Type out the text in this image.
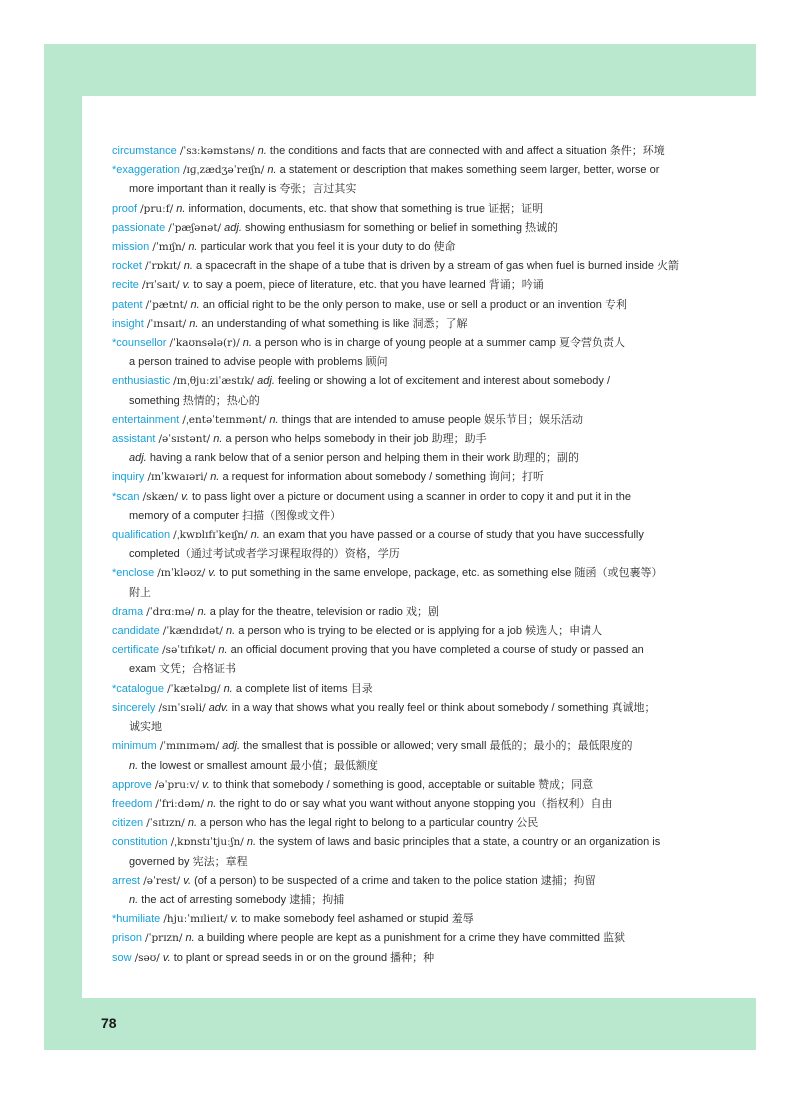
circumstance /ˈsɜːkəmstəns/ n. the conditions and facts that are connected with and affect a situation 条件；环境
*exaggeration /ɪɡˌzædʒəˈreɪʃn/ n. a statement or description that makes something seem larger, better, worse or
more important than it really is 夸张；言过其实
proof /pruːf/ n. information, documents, etc. that show that something is true 证据；证明
passionate /ˈpæʃənət/ adj. showing enthusiasm for something or belief in something 热诚的
mission /ˈmɪʃn/ n. particular work that you feel it is your duty to do 使命
rocket /ˈrɒkɪt/ n. a spacecraft in the shape of a tube that is driven by a stream of gas when fuel is burned inside 火箭
recite /rɪˈsaɪt/ v. to say a poem, piece of literature, etc. that you have learned 背诵；吟诵
patent /ˈpætnt/ n. an official right to be the only person to make, use or sell a product or an invention 专利
insight /ˈɪnsaɪt/ n. an understanding of what something is like 洞悉；了解
*counsellor /ˈkaʊnsələ(r)/ n. a person who is in charge of young people at a summer camp 夏令营负责人
a person trained to advise people with problems 顾问
enthusiastic /ɪnˌθjuːziˈæstɪk/ adj. feeling or showing a lot of excitement and interest about somebody /
something 热情的；热心的
entertainment /ˌentəˈteɪnmənt/ n. things that are intended to amuse people 娱乐节目；娱乐活动
assistant /əˈsɪstənt/ n. a person who helps somebody in their job 助理；助手
adj. having a rank below that of a senior person and helping them in their work 助理的；副的
inquiry /ɪnˈkwaɪəri/ n. a request for information about somebody / something 询问；打听
*scan /skæn/ v. to pass light over a picture or document using a scanner in order to copy it and put it in the
memory of a computer 扫描（图像或文件）
qualification /ˌkwɒlɪfɪˈkeɪʃn/ n. an exam that you have passed or a course of study that you have successfully
completed（通过考试或者学习课程取得的）资格，学历
*enclose /ɪnˈkləʊz/ v. to put something in the same envelope, package, etc. as something else 随函（或包裹等）
附上
drama /ˈdrɑːmə/ n. a play for the theatre, television or radio 戏；剧
candidate /ˈkændɪdət/ n. a person who is trying to be elected or is applying for a job 候选人；申请人
certificate /səˈtɪfɪkət/ n. an official document proving that you have completed a course of study or passed an
exam 文凭；合格证书
*catalogue /ˈkætəlɒɡ/ n. a complete list of items 目录
sincerely /sɪnˈsɪəli/ adv. in a way that shows what you really feel or think about somebody / something 真诚地；
诚实地
minimum /ˈmɪnɪməm/ adj. the smallest that is possible or allowed; very small 最低的；最小的；最低限度的
n. the lowest or smallest amount 最小值；最低额度
approve /əˈpruːv/ v. to think that somebody / something is good, acceptable or suitable 赞成；同意
freedom /ˈfriːdəm/ n. the right to do or say what you want without anyone stopping you（指权利）自由
citizen /ˈsɪtɪzn/ n. a person who has the legal right to belong to a particular country 公民
constitution /ˌkɒnstɪˈtjuːʃn/ n. the system of laws and basic principles that a state, a country or an organization is
governed by 宪法；章程
arrest /əˈrest/ v. (of a person) to be suspected of a crime and taken to the police station 逮捕；拘留
n. the act of arresting somebody 逮捕；拘捕
*humiliate /hjuːˈmɪlieɪt/ v. to make somebody feel ashamed or stupid 羞辱
prison /ˈprɪzn/ n. a building where people are kept as a punishment for a crime they have committed 监狱
sow /səʊ/ v. to plant or spread seeds in or on the ground 播种；种
78
